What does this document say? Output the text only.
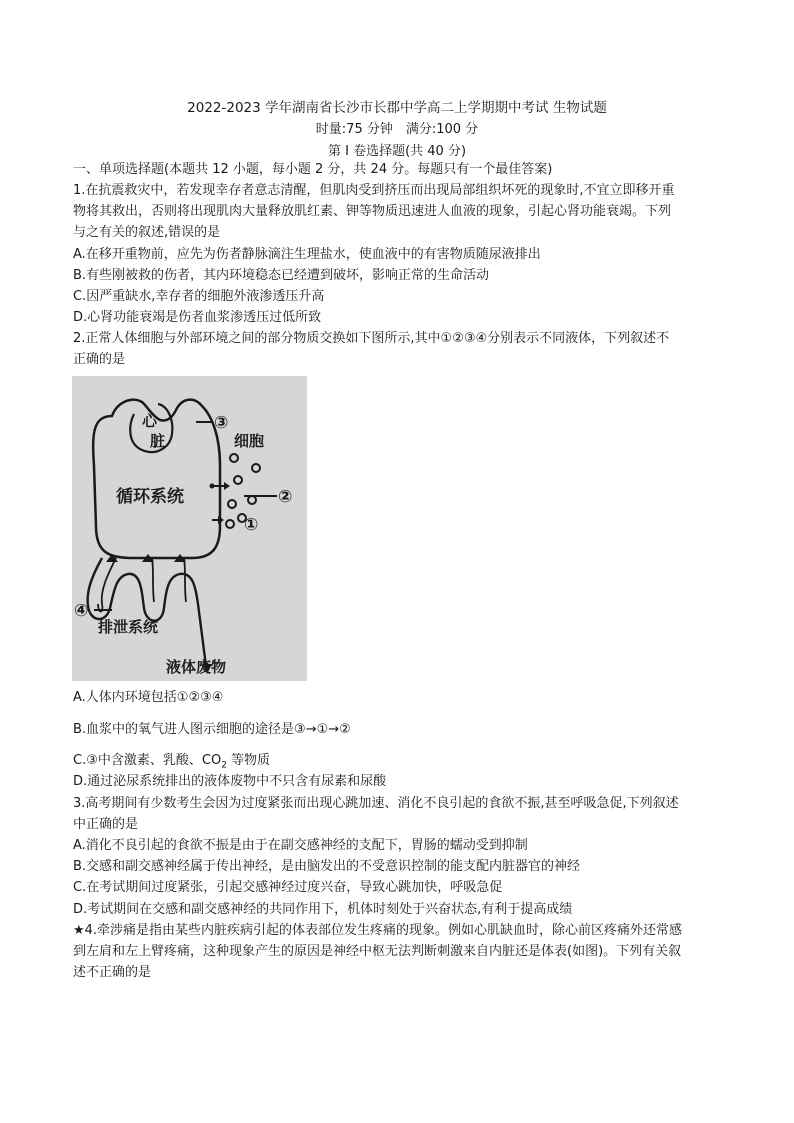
2022-2023 学年湖南省长沙市长郡中学高二上学期期中考试 生物试题
时量:75 分钟　满分:100 分
第 I 卷选择题(共 40 分)
一、单项选择题(本题共 12 小题，每小题 2 分，共 24 分。每题只有一个最佳答案)
1.在抗震救灾中，若发现幸存者意志清醒，但肌肉受到挤压而出现局部组织坏死的现象时,不宜立即移开重
物将其救出，否则将出现肌肉大量释放肌红素、钾等物质迅速进人血液的现象，引起心肾功能衰竭。下列
与之有关的叙述,错误的是
A.在移开重物前，应先为伤者静脉滴注生理盐水，使血液中的有害物质随尿液排出
B.有些刚被救的伤者，其内环境稳态已经遭到破坏，影响正常的生命活动
C.因严重缺水,幸存者的细胞外液渗透压升高
D.心肾功能衰竭是伤者血浆渗透压过低所致
2.正常人体细胞与外部环境之间的部分物质交换如下图所示,其中①②③④分别表示不同液体，下列叙述不
正确的是
心
脏
③
细胞
②
循环系统
①
④
排泄系统
液体废物
A.人体内环境包括①②③④
B.血浆中的氧气进人图示细胞的途径是③→①→②
C.③中含激素、乳酸、$CO_2$ 等物质
D.通过泌尿系统排出的液体废物中不只含有尿素和尿酸
3.高考期间有少数考生会因为过度紧张而出现心跳加速、消化不良引起的食欲不振,甚至呼吸急促,下列叙述
中正确的是
A.消化不良引起的食欲不振是由于在副交感神经的支配下，胃肠的蠕动受到抑制
B.交感和副交感神经属于传出神经，是由脑发出的不受意识控制的能支配内脏器官的神经
C.在考试期间过度紧张，引起交感神经过度兴奋，导致心跳加快，呼吸急促
D.考试期间在交感和副交感神经的共同作用下，机体时刻处于兴奋状态,有利于提高成绩
★4.牵涉痛是指由某些内脏疾病引起的体表部位发生疼痛的现象。例如心肌缺血时，除心前区疼痛外还常感
到左肩和左上臂疼痛，这种现象产生的原因是神经中枢无法判断刺激来自内脏还是体表(如图)。下列有关叙
述不正确的是
